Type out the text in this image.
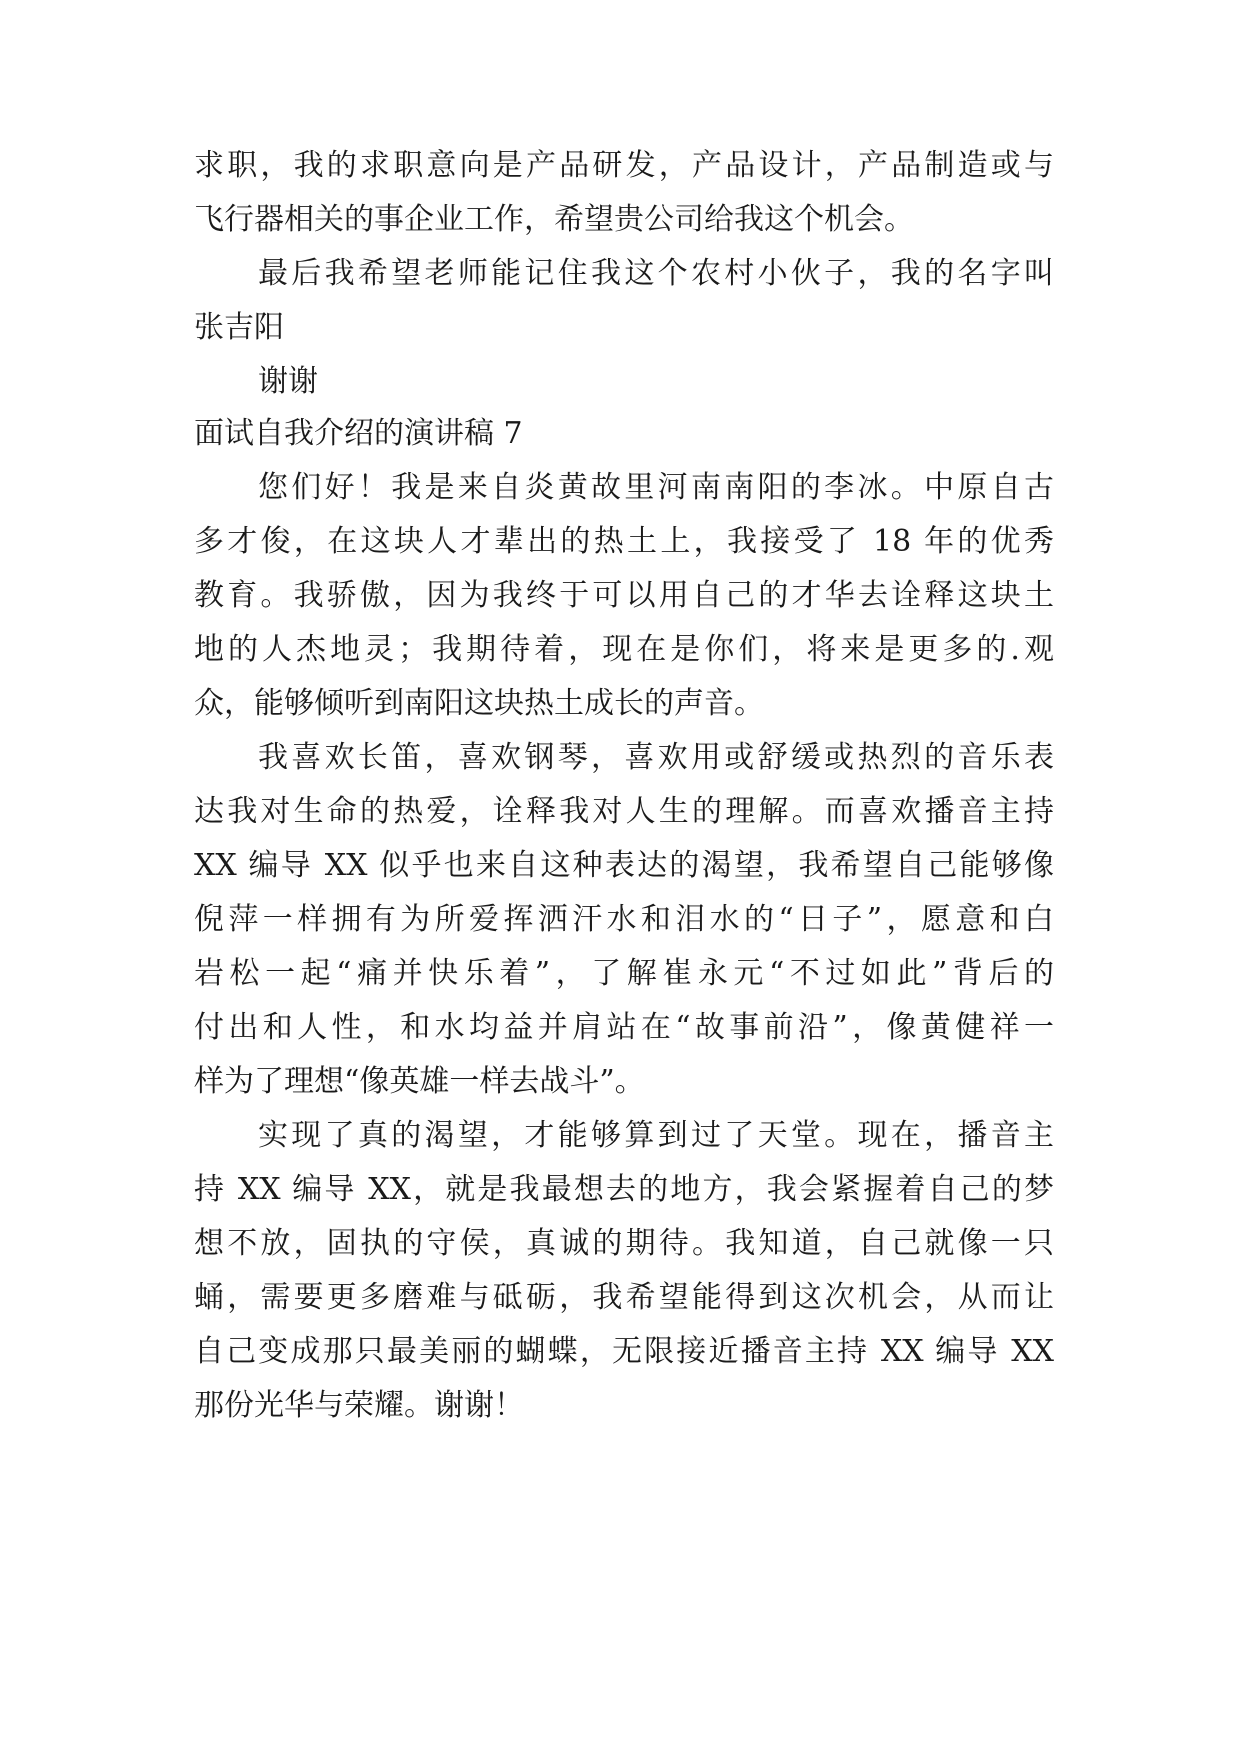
求职，我的求职意向是产品研发，产品设计，产品制造或与
飞行器相关的事企业工作，希望贵公司给我这个机会。
最后我希望老师能记住我这个农村小伙子，我的名字叫
张吉阳
谢谢
面试自我介绍的演讲稿 7
您们好！我是来自炎黄故里河南南阳的李冰。中原自古
多才俊，在这块人才辈出的热土上，我接受了 18 年的优秀
教育。我骄傲，因为我终于可以用自己的才华去诠释这块土
地的人杰地灵；我期待着，现在是你们，将来是更多的.观
众，能够倾听到南阳这块热土成长的声音。
我喜欢长笛，喜欢钢琴，喜欢用或舒缓或热烈的音乐表
达我对生命的热爱，诠释我对人生的理解。而喜欢播音主持
XX 编导 XX 似乎也来自这种表达的渴望，我希望自己能够像
倪萍一样拥有为所爱挥洒汗水和泪水的“日子”，愿意和白
岩松一起“痛并快乐着”，了解崔永元“不过如此”背后的
付出和人性，和水均益并肩站在“故事前沿”，像黄健祥一
样为了理想“像英雄一样去战斗”。
实现了真的渴望，才能够算到过了天堂。现在，播音主
持 XX 编导 XX，就是我最想去的地方，我会紧握着自己的梦
想不放，固执的守侯，真诚的期待。我知道，自己就像一只
蛹，需要更多磨难与砥砺，我希望能得到这次机会，从而让
自己变成那只最美丽的蝴蝶，无限接近播音主持 XX 编导 XX
那份光华与荣耀。谢谢！
